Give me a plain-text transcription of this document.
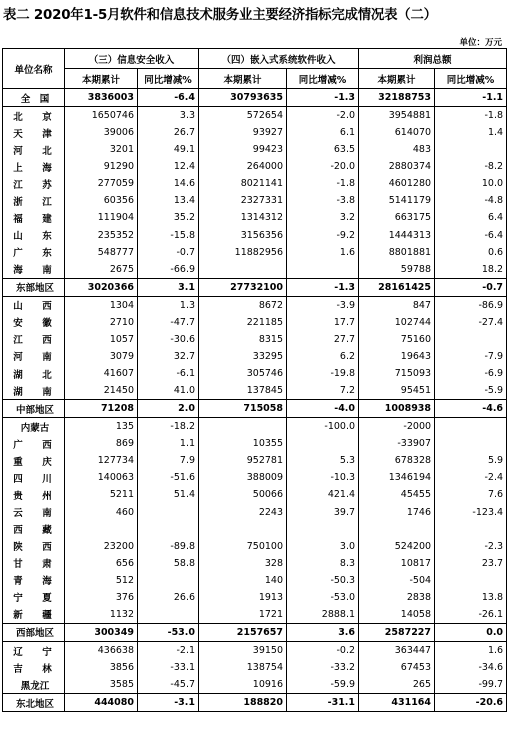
表二 2020年1-5月软件和信息技术服务业主要经济指标完成情况表（二）
单位：万元
单位名称	（三）信息安全收入		（四）嵌入式系统软件收入		利润总额	
	本期累计	同比增减%	本期累计	同比增减%	本期累计	同比增减%
全　国	3836003	-6.4	30793635	-1.3	32188753	-1.1
北　京	1650746	3.3	572654	-2.0	3954881	-1.8
天　津	39006	26.7	93927	6.1	614070	1.4
河　北	3201	49.1	99423	63.5	483	
上　海	91290	12.4	264000	-20.0	2880374	-8.2
江　苏	277059	14.6	8021141	-1.8	4601280	10.0
浙　江	60356	13.4	2327331	-3.8	5141179	-4.8
福　建	111904	35.2	1314312	3.2	663175	6.4
山　东	235352	-15.8	3156356	-9.2	1444313	-6.4
广　东	548777	-0.7	11882956	1.6	8801881	0.6
海　南	2675	-66.9			59788	18.2
东部地区	3020366	3.1	27732100	-1.3	28161425	-0.7
山　西	1304	1.3	8672	-3.9	847	-86.9
安　徽	2710	-47.7	221185	17.7	102744	-27.4
江　西	1057	-30.6	8315	27.7	75160	
河　南	3079	32.7	33295	6.2	19643	-7.9
湖　北	41607	-6.1	305746	-19.8	715093	-6.9
湖　南	21450	41.0	137845	7.2	95451	-5.9
中部地区	71208	2.0	715058	-4.0	1008938	-4.6
内蒙古	135	-18.2		-100.0	-2000	
广　西	869	1.1	10355		-33907	
重　庆	127734	7.9	952781	5.3	678328	5.9
四　川	140063	-51.6	388009	-10.3	1346194	-2.4
贵　州	5211	51.4	50066	421.4	45455	7.6
云　南	460		2243	39.7	1746	-123.4
西　藏						
陕　西	23200	-89.8	750100	3.0	524200	-2.3
甘　肃	656	58.8	328	8.3	10817	23.7
青　海	512		140	-50.3	-504	
宁　夏	376	26.6	1913	-53.0	2838	13.8
新　疆	1132		1721	2888.1	14058	-26.1
西部地区	300349	-53.0	2157657	3.6	2587227	0.0
辽　宁	436638	-2.1	39150	-0.2	363447	1.6
吉　林	3856	-33.1	138754	-33.2	67453	-34.6
黑龙江	3585	-45.7	10916	-59.9	265	-99.7
东北地区	444080	-3.1	188820	-31.1	431164	-20.6
